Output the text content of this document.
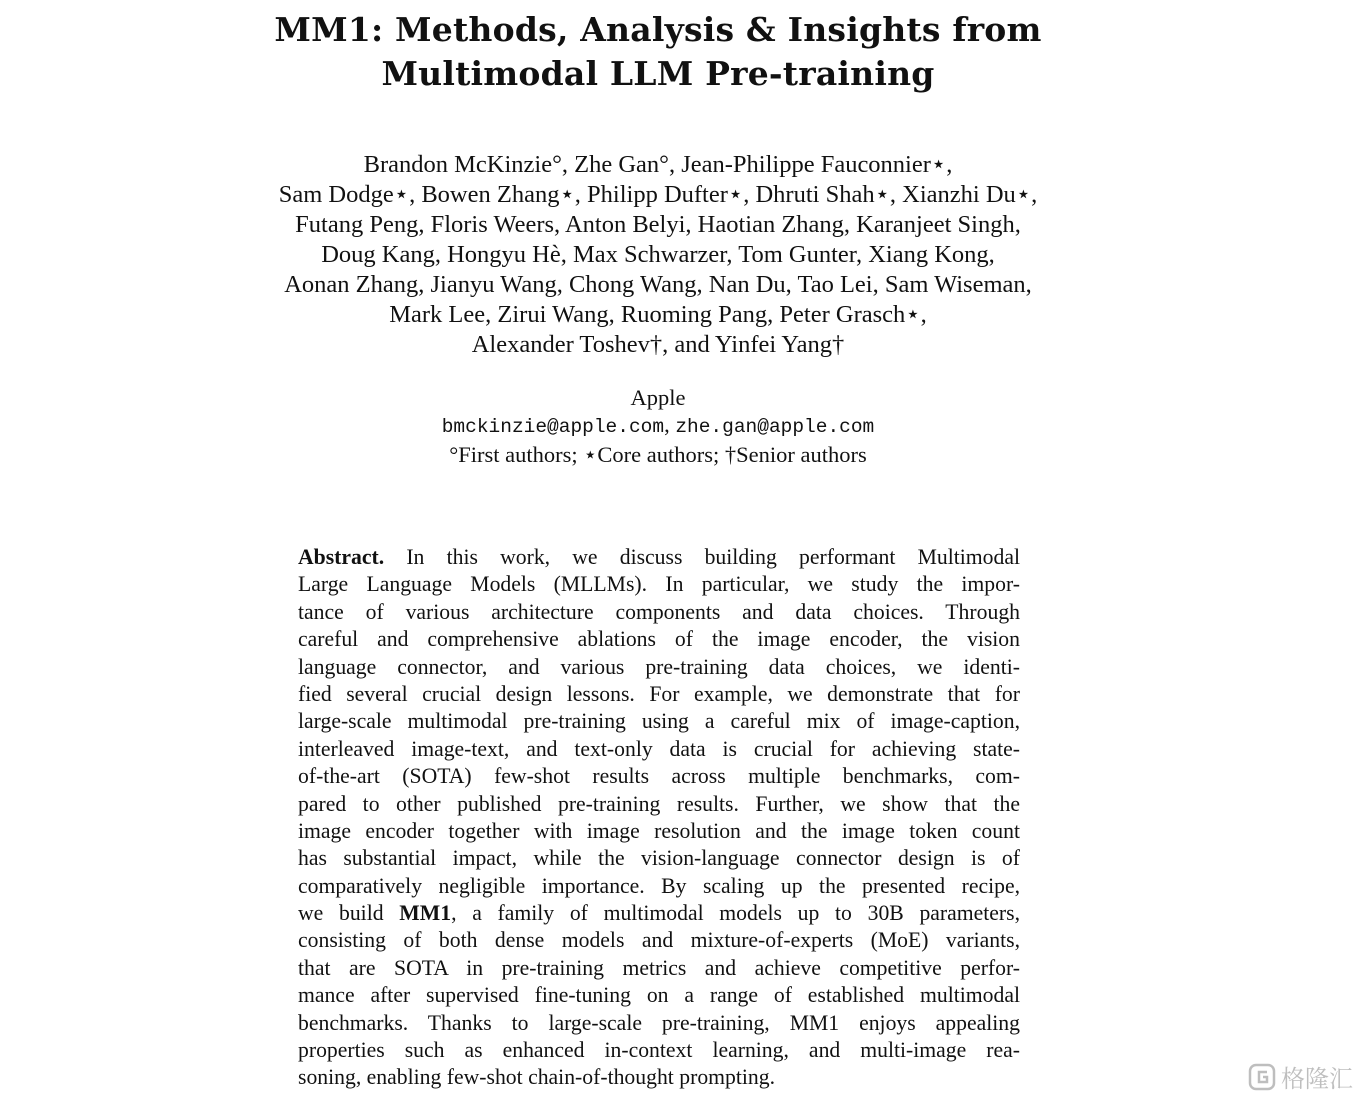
MM1: Methods, Analysis & Insights from
Multimodal LLM Pre-training
Brandon McKinzie°, Zhe Gan°, Jean-Philippe Fauconnier⋆,
Sam Dodge⋆, Bowen Zhang⋆, Philipp Dufter⋆, Dhruti Shah⋆, Xianzhi Du⋆,
Futang Peng, Floris Weers, Anton Belyi, Haotian Zhang, Karanjeet Singh,
Doug Kang, Hongyu Hè, Max Schwarzer, Tom Gunter, Xiang Kong,
Aonan Zhang, Jianyu Wang, Chong Wang, Nan Du, Tao Lei, Sam Wiseman,
Mark Lee, Zirui Wang, Ruoming Pang, Peter Grasch⋆,
Alexander Toshev†, and Yinfei Yang†
Apple
bmckinzie@apple.com, zhe.gan@apple.com
°First authors; ⋆Core authors; †Senior authors
Abstract. In this work, we discuss building performant Multimodal
Large Language Models (MLLMs). In particular, we study the impor-
tance of various architecture components and data choices. Through
careful and comprehensive ablations of the image encoder, the vision
language connector, and various pre-training data choices, we identi-
fied several crucial design lessons. For example, we demonstrate that for
large-scale multimodal pre-training using a careful mix of image-caption,
interleaved image-text, and text-only data is crucial for achieving state-
of-the-art (SOTA) few-shot results across multiple benchmarks, com-
pared to other published pre-training results. Further, we show that the
image encoder together with image resolution and the image token count
has substantial impact, while the vision-language connector design is of
comparatively negligible importance. By scaling up the presented recipe,
we build MM1, a family of multimodal models up to 30B parameters,
consisting of both dense models and mixture-of-experts (MoE) variants,
that are SOTA in pre-training metrics and achieve competitive perfor-
mance after supervised fine-tuning on a range of established multimodal
benchmarks. Thanks to large-scale pre-training, MM1 enjoys appealing
properties such as enhanced in-context learning, and multi-image rea-
soning, enabling few-shot chain-of-thought prompting.	格隆汇
